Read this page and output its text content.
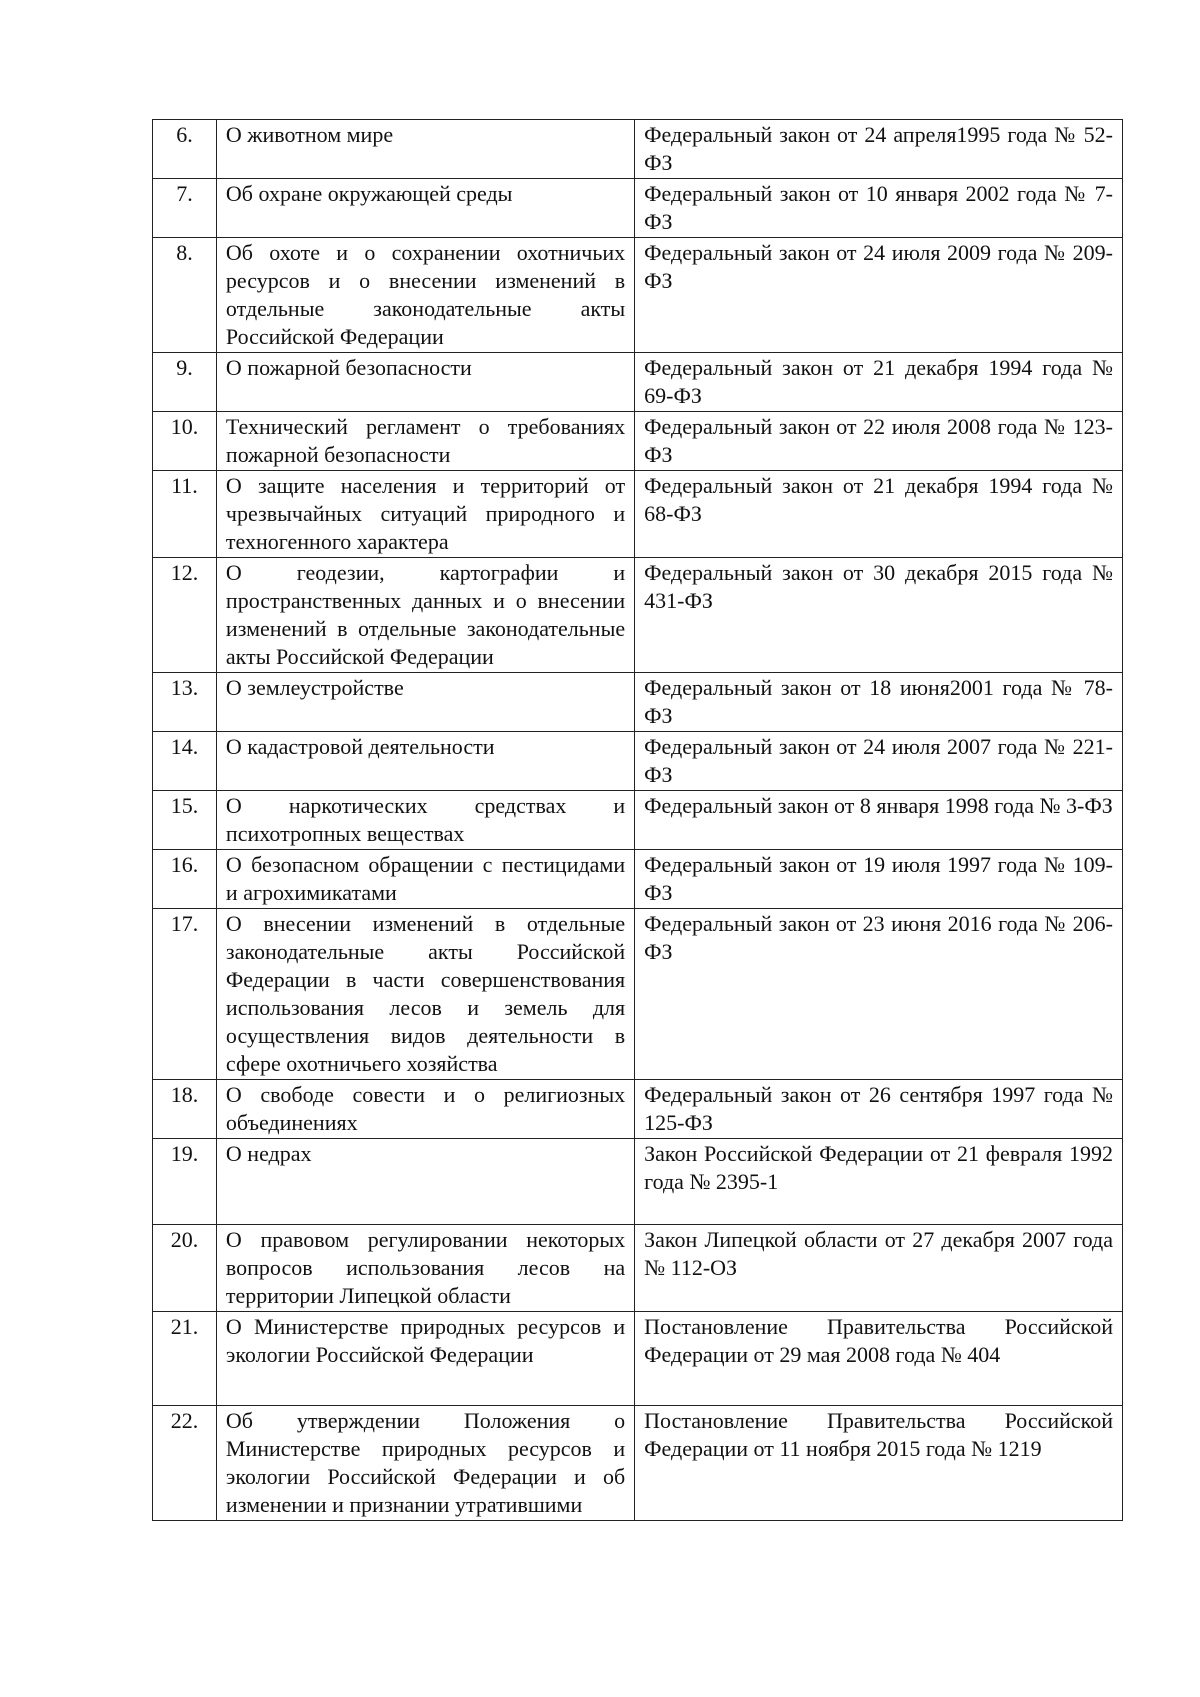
6.	О животном мире	Федеральный закон от 24 апреля1995 года № 52-ФЗ
7.	Об охране окружающей среды	Федеральный закон от 10 января 2002 года № 7-ФЗ
8.	Об охоте и о сохранении охотничьих ресурсов и о внесении изменений в отдельные законодательные акты Российской Федерации	Федеральный закон от 24 июля 2009 года № 209-ФЗ
9.	О пожарной безопасности	Федеральный закон от 21 декабря 1994 года № 69-ФЗ
10.	Технический регламент о требованиях пожарной безопасности	Федеральный закон от 22 июля 2008 года № 123-ФЗ
11.	О защите населения и территорий от чрезвычайных ситуаций природного и техногенного характера	Федеральный закон от 21 декабря 1994 года № 68-ФЗ
12.	О геодезии, картографии и пространственных данных и о внесении изменений в отдельные законодательные акты Российской Федерации	Федеральный закон от 30 декабря 2015 года № 431-ФЗ
13.	О землеустройстве	Федеральный закон от 18 июня2001 года № 78-ФЗ
14.	О кадастровой деятельности	Федеральный закон от 24 июля 2007 года № 221-ФЗ
15.	О наркотических средствах и психотропных веществах	Федеральный закон от 8 января 1998 года № 3-ФЗ
16.	О безопасном обращении с пестицидами и агрохимикатами	Федеральный закон от 19 июля 1997 года № 109-ФЗ
17.	О внесении изменений в отдельные законодательные акты Российской Федерации в части совершенствования использования лесов и земель для осуществления видов деятельности в сфере охотничьего хозяйства	Федеральный закон от 23 июня 2016 года № 206-ФЗ
18.	О свободе совести и о религиозных объединениях	Федеральный закон от 26 сентября 1997 года № 125-ФЗ
19.	О недрах	Закон Российской Федерации от 21 февраля 1992 года № 2395-1
20.	О правовом регулировании некоторых вопросов использования лесов на территории Липецкой области	Закон Липецкой области от 27 декабря 2007 года № 112-ОЗ
21.	О Министерстве природных ресурсов и экологии Российской Федерации	Постановление Правительства Российской Федерации от 29 мая 2008 года № 404
22.	Об утверждении Положения о Министерстве природных ресурсов и экологии Российской Федерации и об изменении и признании утратившими	Постановление Правительства Российской Федерации от 11 ноября 2015 года № 1219
